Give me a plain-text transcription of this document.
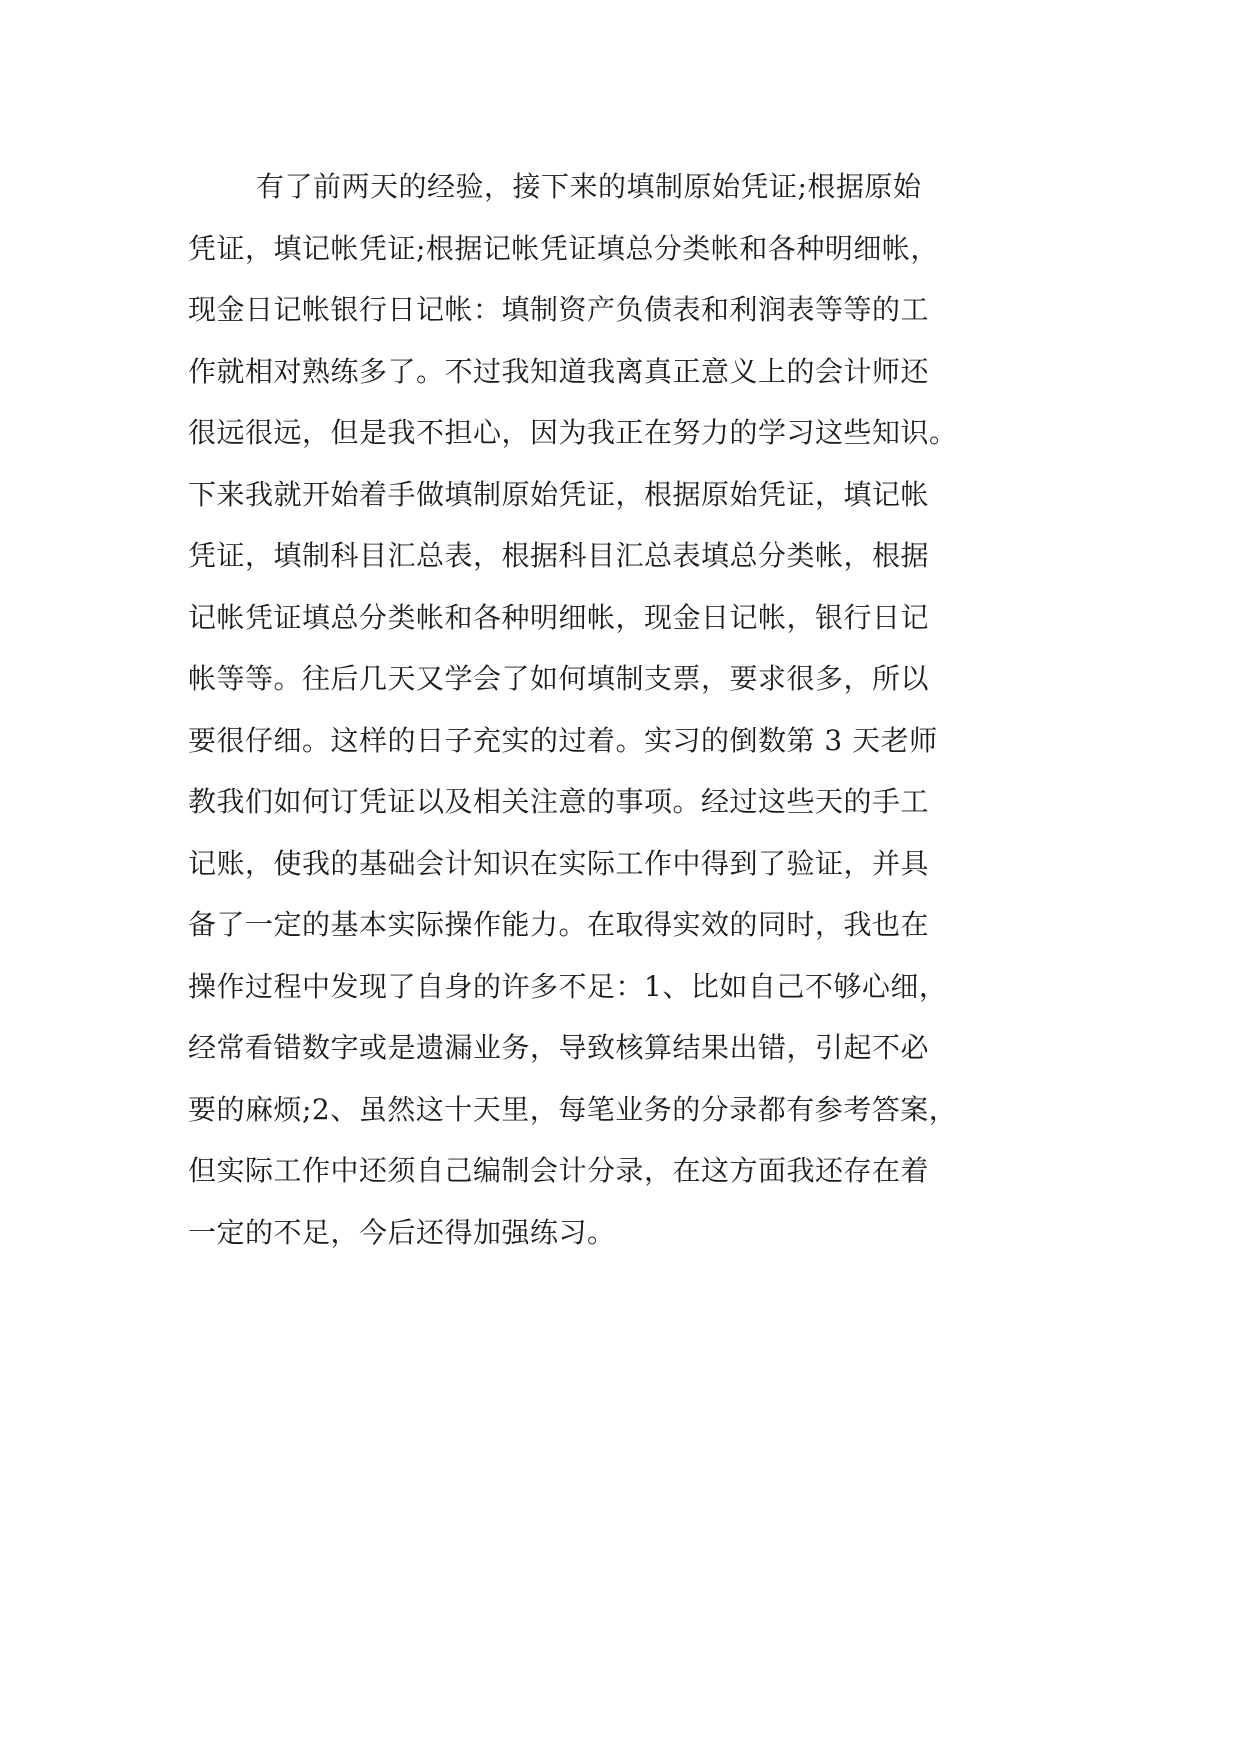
有了前两天的经验，接下来的填制原始凭证;根据原始
凭证，填记帐凭证;根据记帐凭证填总分类帐和各种明细帐，
现金日记帐银行日记帐：填制资产负债表和利润表等等的工
作就相对熟练多了。不过我知道我离真正意义上的会计师还
很远很远，但是我不担心，因为我正在努力的学习这些知识。
下来我就开始着手做填制原始凭证，根据原始凭证，填记帐
凭证，填制科目汇总表，根据科目汇总表填总分类帐，根据
记帐凭证填总分类帐和各种明细帐，现金日记帐，银行日记
帐等等。往后几天又学会了如何填制支票，要求很多，所以
要很仔细。这样的日子充实的过着。实习的倒数第 3 天老师
教我们如何订凭证以及相关注意的事项。经过这些天的手工
记账，使我的基础会计知识在实际工作中得到了验证，并具
备了一定的基本实际操作能力。在取得实效的同时，我也在
操作过程中发现了自身的许多不足：1、比如自己不够心细，
经常看错数字或是遗漏业务，导致核算结果出错，引起不必
要的麻烦;2、虽然这十天里，每笔业务的分录都有参考答案，
但实际工作中还须自己编制会计分录，在这方面我还存在着
一定的不足，今后还得加强练习。
